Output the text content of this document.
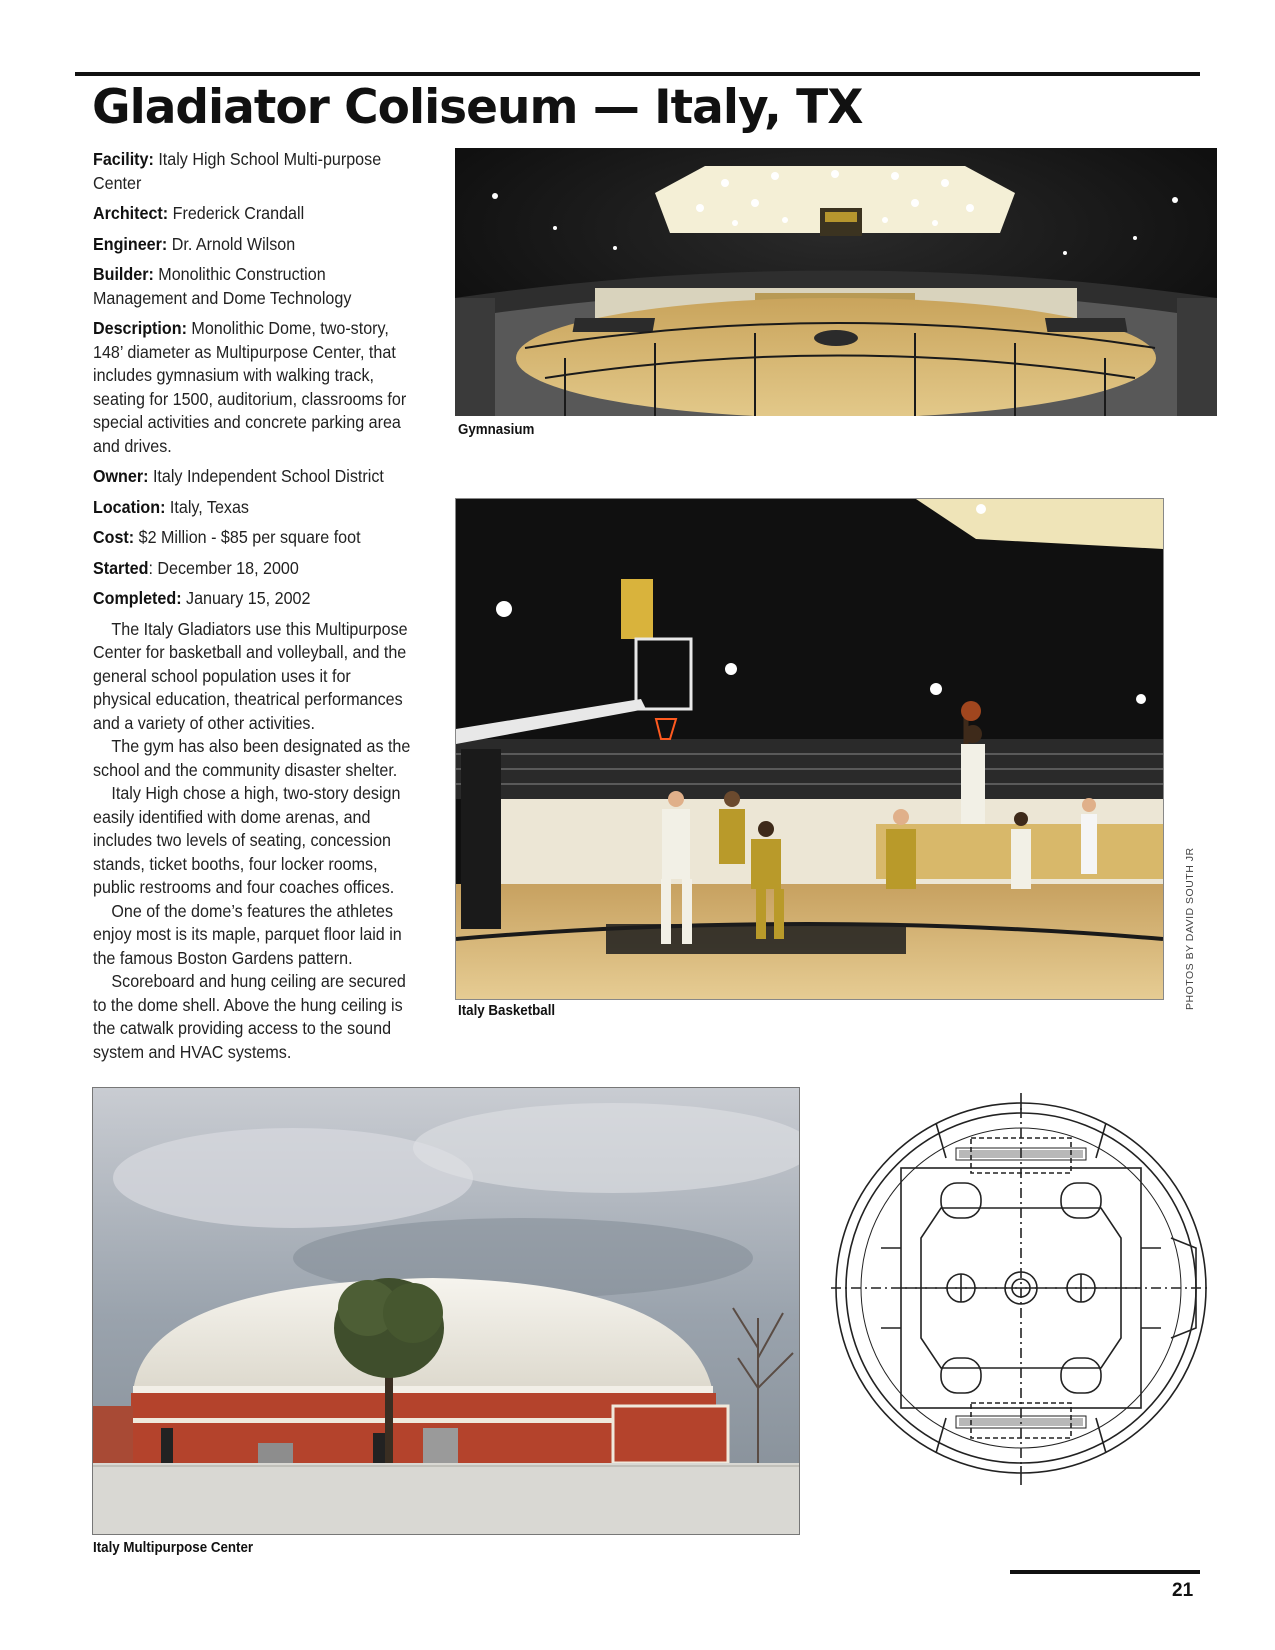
Gladiator Coliseum — Italy, TX
Facility: Italy High School Multi-purpose Center
Architect: Frederick Crandall
Engineer: Dr. Arnold Wilson
Builder: Monolithic Construction Management and Dome Technology
Description: Monolithic Dome, two-story, 148’ diameter as Multipurpose Center, that includes gymnasium with walking track, seating for 1500, auditorium, classrooms for special activities and concrete parking area and drives.
Owner: Italy Independent School District
Location: Italy, Texas
Cost: $2 Million - $85 per square foot
Started: December 18, 2000
Completed: January 15, 2002

The Italy Gladiators use this Multipurpose Center for basketball and volleyball, and the general school population uses it for physical education, theatrical performances and a variety of other activities.

The gym has also been designated as the school and the community disaster shelter.

Italy High chose a high, two-story design easily identified with dome arenas, and includes two levels of seating, concession stands, ticket booths, four locker rooms, public restrooms and four coaches offices.

One of the dome’s features the athletes enjoy most is its maple, parquet floor laid in the famous Boston Gardens pattern.

Scoreboard and hung ceiling are secured to the dome shell. Above the hung ceiling is the catwalk providing access to the sound system and HVAC systems.

Gymnasium
Italy Basketball
PHOTOS BY DAVID SOUTH JR
Italy Multipurpose Center
21
